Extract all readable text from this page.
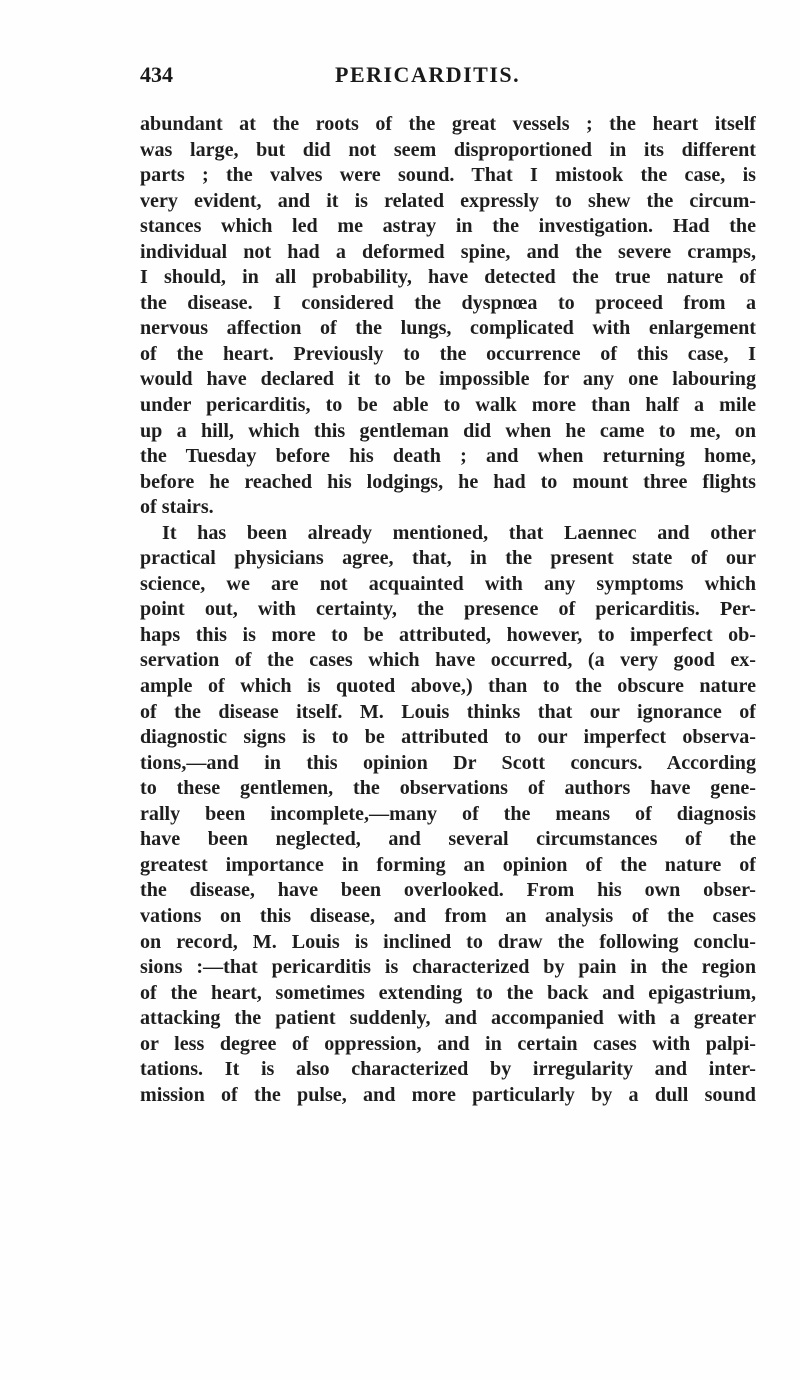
434	PERICARDITIS.
abundant at the roots of the great vessels ; the heart itself
was large, but did not seem disproportioned in its different
parts ; the valves were sound. That I mistook the case, is
very evident, and it is related expressly to shew the circum-
stances which led me astray in the investigation. Had the
individual not had a deformed spine, and the severe cramps,
I should, in all probability, have detected the true nature of
the disease. I considered the dyspnœa to proceed from a
nervous affection of the lungs, complicated with enlargement
of the heart. Previously to the occurrence of this case, I
would have declared it to be impossible for any one labouring
under pericarditis, to be able to walk more than half a mile
up a hill, which this gentleman did when he came to me, on
the Tuesday before his death ; and when returning home,
before he reached his lodgings, he had to mount three flights
of stairs.
It has been already mentioned, that Laennec and other
practical physicians agree, that, in the present state of our
science, we are not acquainted with any symptoms which
point out, with certainty, the presence of pericarditis. Per-
haps this is more to be attributed, however, to imperfect ob-
servation of the cases which have occurred, (a very good ex-
ample of which is quoted above,) than to the obscure nature
of the disease itself. M. Louis thinks that our ignorance of
diagnostic signs is to be attributed to our imperfect observa-
tions,—and in this opinion Dr Scott concurs. According
to these gentlemen, the observations of authors have gene-
rally been incomplete,—many of the means of diagnosis
have been neglected, and several circumstances of the
greatest importance in forming an opinion of the nature of
the disease, have been overlooked. From his own obser-
vations on this disease, and from an analysis of the cases
on record, M. Louis is inclined to draw the following conclu-
sions :—that pericarditis is characterized by pain in the region
of the heart, sometimes extending to the back and epigastrium,
attacking the patient suddenly, and accompanied with a greater
or less degree of oppression, and in certain cases with palpi-
tations. It is also characterized by irregularity and inter-
mission of the pulse, and more particularly by a dull sound
